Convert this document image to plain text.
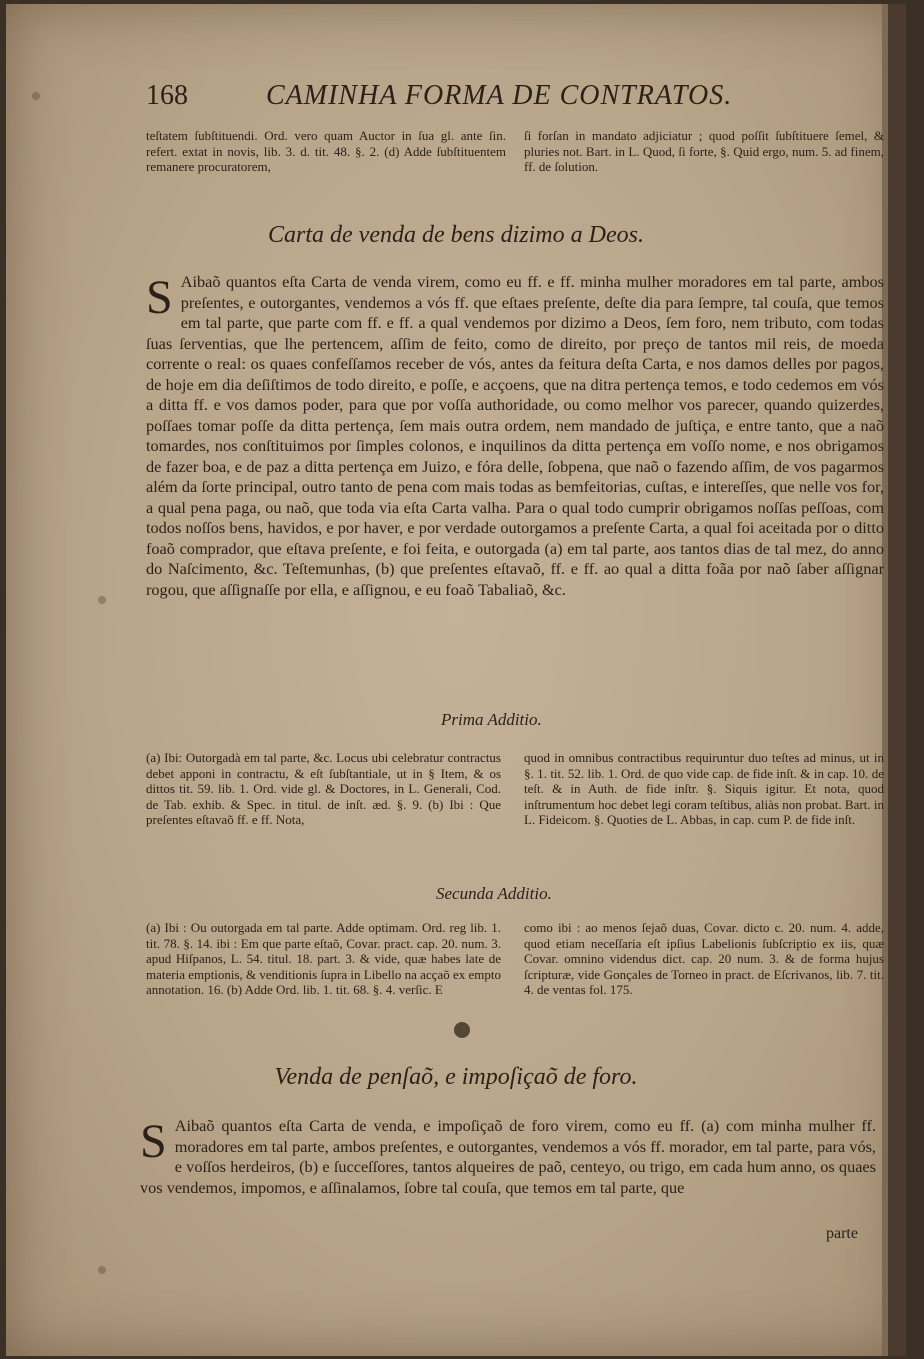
168	CAMINHA FORMA DE CONTRATOS.

teſtatem ſubſtituendi. Ord. vero quam Auctor in ſua gl. ante ſin. refert. extat in novis, lib. 3. d. tit. 48. §. 2. (d) Adde ſubſtituentem remanere procuratorem,

ſi forſan in mandato adjiciatur ; quod poſſit ſubſtituere ſemel, & pluries not. Bart. in L. Quod, ſi forte, §. Quid ergo, num. 5. ad finem, ff. de ſolution.

Carta de venda de bens dizimo a Deos.
S Aibaõ quantos eſta Carta de venda virem, como eu ff. e ff. minha mulher moradores em tal parte, ambos preſentes, e outorgantes, vendemos a vós ff. que eſtaes preſente, deſte dia para ſempre, tal couſa, que temos em tal parte, que parte com ff. e ff. a qual vendemos por dizimo a Deos, ſem foro, nem tributo, com todas ſuas ſerventias, que lhe pertencem, aſſim de feito, como de direito, por preço de tantos mil reis, de moeda corrente o real: os quaes confeſſamos receber de vós, antes da feitura deſta Carta, e nos damos delles por pagos, de hoje em dia deſiſtimos de todo direito, e poſſe, e acçoens, que na ditra pertença temos, e todo cedemos em vós a ditta ff. e vos damos poder, para que por voſſa authoridade, ou como melhor vos parecer, quando quizerdes, poſſaes tomar poſſe da ditta pertença, ſem mais outra ordem, nem mandado de juſtiça, e entre tanto, que a naõ tomardes, nos conſtituimos por ſimples colonos, e inquilinos da ditta pertença em voſſo nome, e nos obrigamos de fazer boa, e de paz a ditta pertença em Juizo, e fóra delle, ſobpena, que naõ o fazendo aſſim, de vos pagarmos além da ſorte principal, outro tanto de pena com mais todas as bemfeitorias, cuſtas, e intereſſes, que nelle vos for, a qual pena paga, ou naõ, que toda via eſta Carta valha. Para o qual todo cumprir obrigamos noſſas peſſoas, com todos noſſos bens, havidos, e por haver, e por verdade outorgamos a preſente Carta, a qual foi aceitada por o ditto foaõ comprador, que eſtava preſente, e foi feita, e outorgada (a) em tal parte, aos tantos dias de tal mez, do anno do Naſcimento, &c. Teſtemunhas, (b) que preſentes eſtavaõ, ff. e ff. ao qual a ditta foãa por naõ ſaber aſſignar rogou, que aſſignaſſe por ella, e aſſignou, e eu foaõ Tabaliaõ, &c.

Prima Additio.

(a) Ibi: Outorgadà em tal parte, &c. Locus ubi celebratur contractus debet apponi in contractu, & eſt ſubſtantiale, ut in § Item, & os dittos tit. 59. lib. 1. Ord. vide gl. & Doctores, in L. Generali, Cod. de Tab. exhib. & Spec. in titul. de inſt. æd. §. 9. (b) Ibi : Que preſentes eſtavaõ ff. e ff. Nota,

quod in omnibus contractibus requiruntur duo teſtes ad minus, ut in §. 1. tit. 52. lib. 1. Ord. de quo vide cap. de fide inſt. & in cap. 10. de teſt. & in Auth. de fide inſtr. §. Siquis igitur. Et nota, quod inſtrumentum hoc debet legi coram teſtibus, aliàs non probat. Bart. in L. Fideicom. §. Quoties de L. Abbas, in cap. cum P. de fide inſt.

Secunda Additio.

(a) Ibi : Ou outorgada em tal parte. Adde optimam. Ord. reg lib. 1. tit. 78. §. 14. ibi : Em que parte eſtaõ, Covar. pract. cap. 20. num. 3. apud Hiſpanos, L. 54. titul. 18. part. 3. & vide, quæ habes late de materia emptionis, & venditionis ſupra in Libello na acçaõ ex empto annotation. 16. (b) Adde Ord. lib. 1. tit. 68. §. 4. verſic. E

como ibi : ao menos ſejaõ duas, Covar. dicto c. 20. num. 4. adde, quod etiam neceſſaria eſt ipſius Labelionis ſubſcriptio ex iis, quæ Covar. omnino videndus dict. cap. 20 num. 3. & de forma hujus ſcripturæ, vide Gonçales de Torneo in pract. de Eſcrivanos, lib. 7. tit. 4. de ventas fol. 175.

Venda de penſaõ, e impoſiçaõ de foro.
S Aibaõ quantos eſta Carta de venda, e impoſiçaõ de foro virem, como eu ff. (a) com minha mulher ff. moradores em tal parte, ambos preſentes, e outorgantes, vendemos a vós ff. morador, em tal parte, para vós, e voſſos herdeiros, (b) e ſucceſſores, tantos alqueires de paõ, centeyo, ou trigo, em cada hum anno, os quaes vos vendemos, impomos, e aſſinalamos, ſobre tal couſa, que temos em tal parte, que

parte
